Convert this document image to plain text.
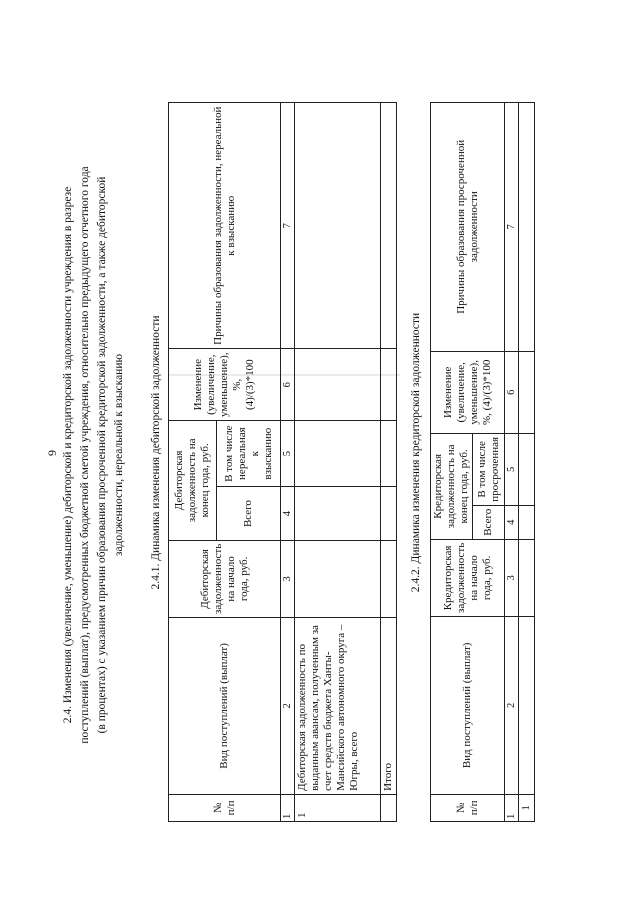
9 2.4. Изменения (увеличение, уменьшение) дебиторской и кредиторской задолженности учреждения в разрезе поступлений (выплат), предусмотренных бюджетной сметой учреждения, относительно предыдущего отчетного года (в процентах) с указанием причин образования просроченной кредиторской задолженности, а также дебиторской задолженности, нереальной к взысканию 2.4.1. Динамика изменения дебиторской задолженности
№ п/п	Вид поступлений (выплат)	Дебиторская задолженность на начало года, руб.	Дебиторская задолженность на конец года, руб.		Изменение (увеличение, уменьшение), %, (4)/(3)*100	Причины образования задолженности, нереальной к взысканию
			Всего	В том числе нереальная к взысканию		
1	2	3	4	5	6	7
1	Дебиторская задолженность по выданным авансам, полученным за счет средств бюджета Ханты-Мансийского автономного округа – Югры, всего					
	Итого					
2.4.2. Динамика изменения кредиторской задолженности
№ п/п	Вид поступлений (выплат)	Кредиторская задолженность на начало года, руб.	Кредиторская задолженность на конец года, руб.		Изменение (увеличение, уменьшение), %, (4)/(3)*100	Причины образования просроченной задолженности
			Всего	В том числе просроченная		
1	2	3	4	5	6	7
1						
